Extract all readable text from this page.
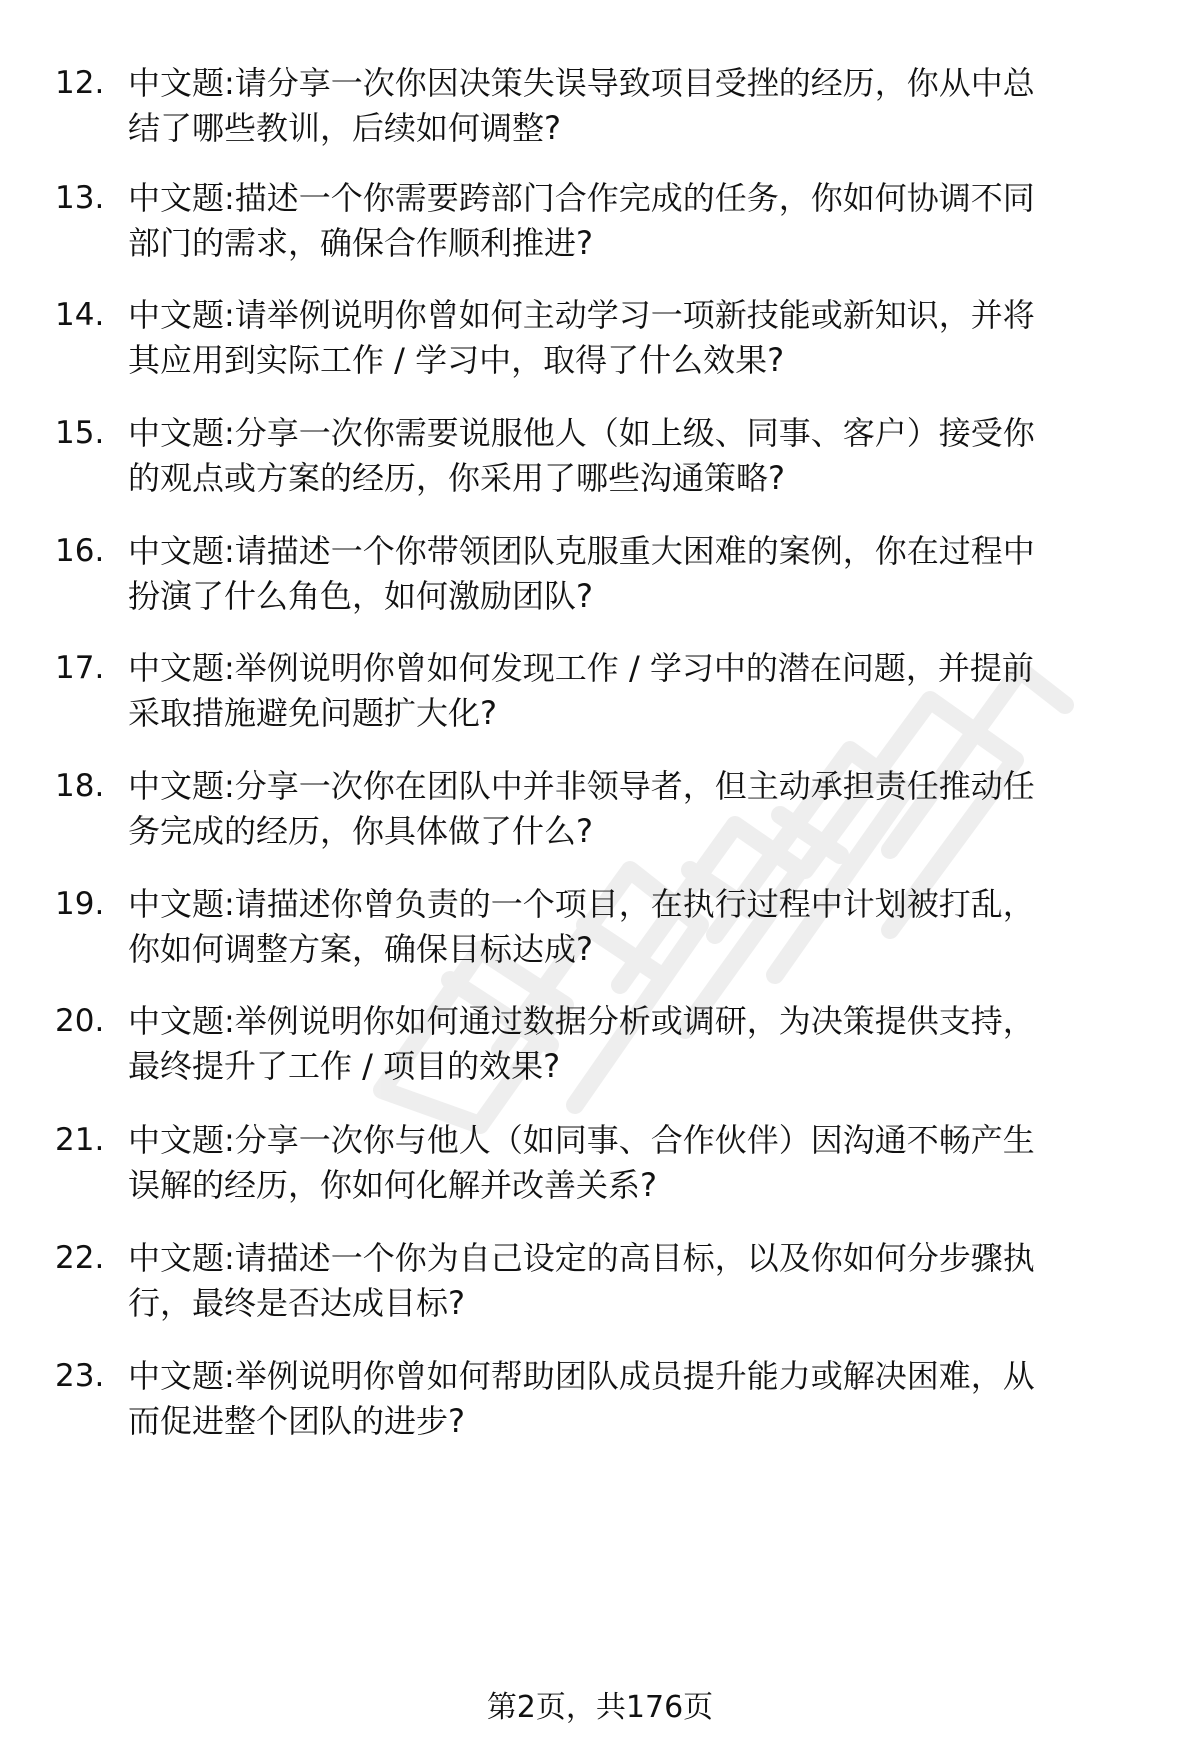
12. 中文题:请分享一次你因决策失误导致项目受挫的经历，你从中总
结了哪些教训，后续如何调整?
13. 中文题:描述一个你需要跨部门合作完成的任务，你如何协调不同
部门的需求，确保合作顺利推进?
14. 中文题:请举例说明你曾如何主动学习一项新技能或新知识，并将
其应用到实际工作 / 学习中，取得了什么效果?
15. 中文题:分享一次你需要说服他人（如上级、同事、客户）接受你
的观点或方案的经历，你采用了哪些沟通策略?
16. 中文题:请描述一个你带领团队克服重大困难的案例，你在过程中
扮演了什么角色，如何激励团队?
17. 中文题:举例说明你曾如何发现工作 / 学习中的潜在问题，并提前
采取措施避免问题扩大化?
18. 中文题:分享一次你在团队中并非领导者，但主动承担责任推动任
务完成的经历，你具体做了什么?
19. 中文题:请描述你曾负责的一个项目，在执行过程中计划被打乱，
你如何调整方案，确保目标达成?
20. 中文题:举例说明你如何通过数据分析或调研，为决策提供支持，
最终提升了工作 / 项目的效果?
21. 中文题:分享一次你与他人（如同事、合作伙伴）因沟通不畅产生
误解的经历，你如何化解并改善关系?
22. 中文题:请描述一个你为自己设定的高目标，以及你如何分步骤执
行，最终是否达成目标?
23. 中文题:举例说明你曾如何帮助团队成员提升能力或解决困难，从
而促进整个团队的进步?
第2页，共176页
